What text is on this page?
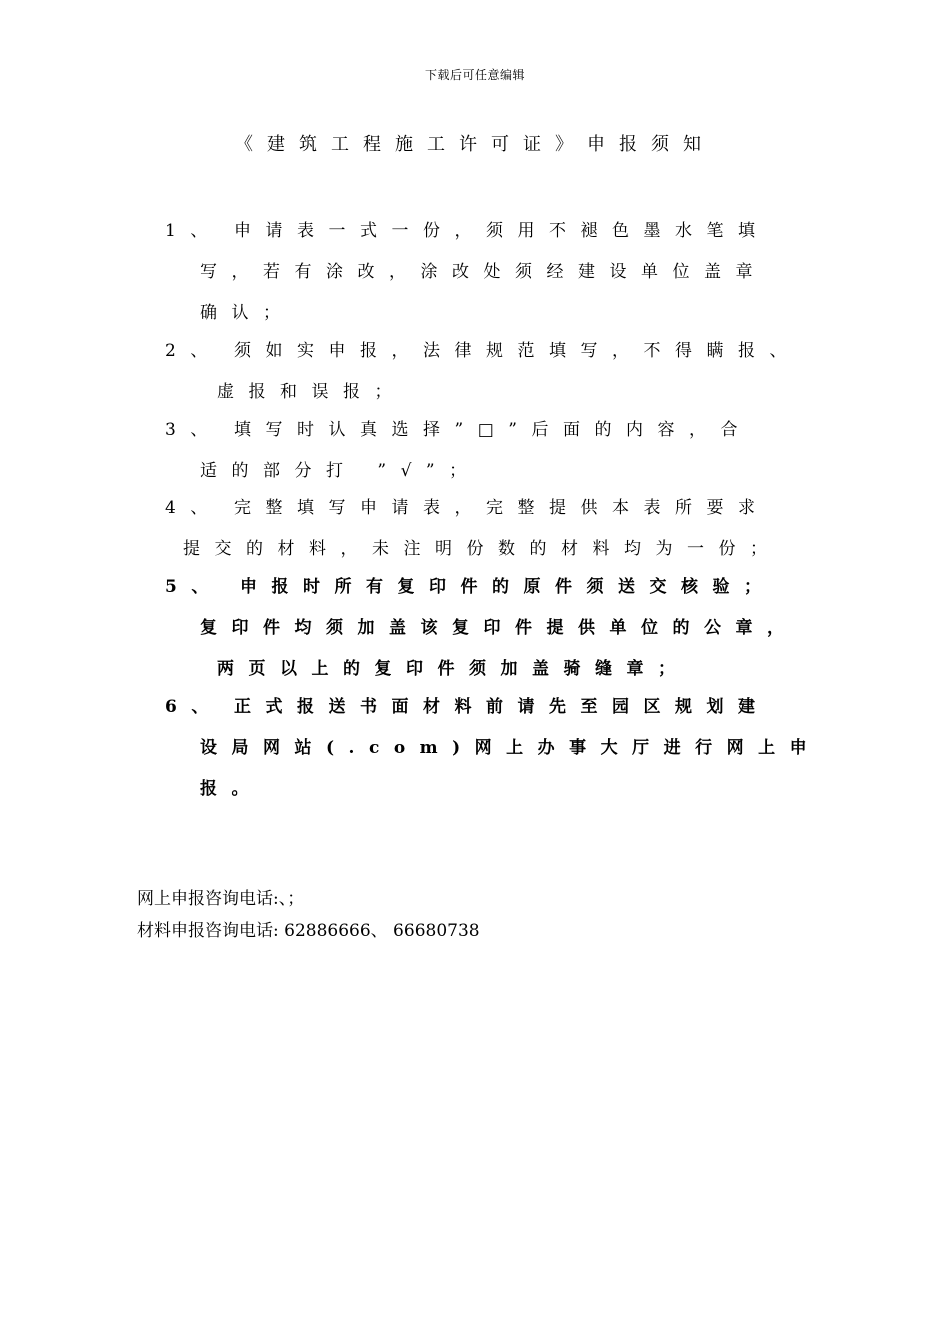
下载后可任意编辑
《建筑工程施工许可证》申报须知
1、 申请表一式一份，须用不褪色墨水笔填
写，若有涂改，涂改处须经建设单位盖章
确认；
2、 须如实申报，法律规范填写，不得瞒报、
虚报和误报；
3、 填写时认真选择”□”后面的内容，合
适的部分打 ”√”；
4、 完整填写申请表，完整提供本表所要求
提交的材料，未注明份数的材料均为一份；
5、 申报时所有复印件的原件须送交核验；
复印件均须加盖该复印件提供单位的公章，
两页以上的复印件须加盖骑缝章；
6、 正式报送书面材料前请先至园区规划建
设局网站(.com)网上办事大厅进行网上申
报。
网上申报咨询电话:、；
材料申报咨询电话: 62886666、 66680738
